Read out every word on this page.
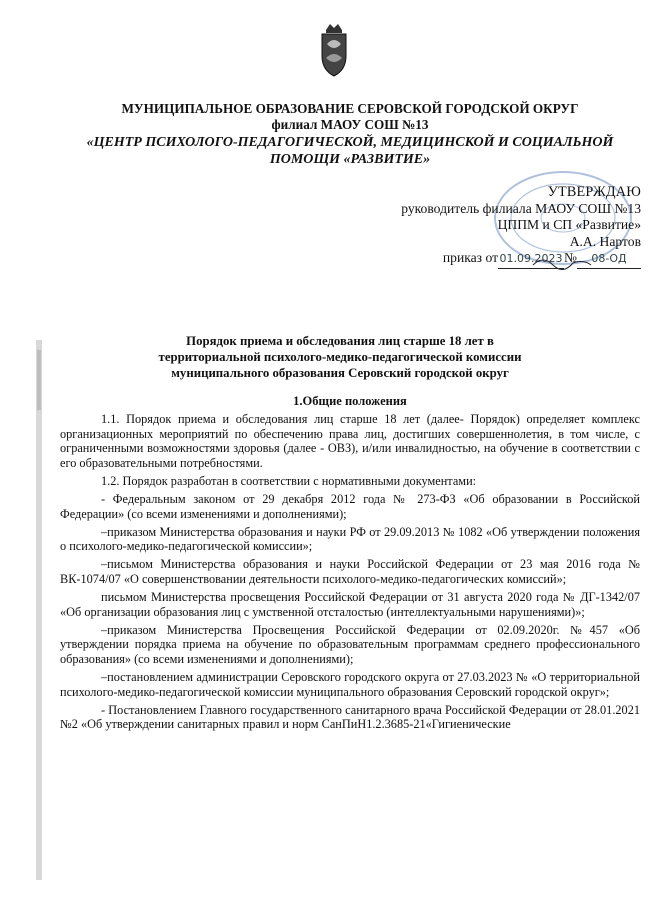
МУНИЦИПАЛЬНОЕ ОБРАЗОВАНИЕ СЕРОВСКОЙ ГОРОДСКОЙ ОКРУГ
филиал МАОУ СОШ №13
«ЦЕНТР ПСИХОЛОГО-ПЕДАГОГИЧЕСКОЙ, МЕДИЦИНСКОЙ И СОЦИАЛЬНОЙ
ПОМОЩИ «РАЗВИТИЕ»
УТВЕРЖДАЮ
руководитель филиала МАОУ СОШ №13
ЦППМ и СП «Развитие»
А.А. Нартов
приказ от 01.09.2023 № 08-ОД
Порядок приема и обследования лиц старше 18 лет в
территориальной психолого-медико-педагогической комиссии
муниципального образования Серовский городской округ
1.Общие положения

1.1. Порядок приема и обследования лиц старше 18 лет (далее- Порядок) определяет комплекс организационных мероприятий по обеспечению права лиц, достигших совершеннолетия, в том числе, с ограниченными возможностями здоровья (далее - ОВЗ), и/или инвалидностью, на обучение в соответствии с его образовательными потребностями.

1.2. Порядок разработан в соответствии с нормативными документами:

- Федеральным законом от 29 декабря 2012 года № 273-ФЗ «Об образовании в Российской Федерации» (со всеми изменениями и дополнениями);

–приказом Министерства образования и науки РФ от 29.09.2013 № 1082 «Об утверждении положения о психолого-медико-педагогической комиссии»;

–письмом Министерства образования и науки Российской Федерации от 23 мая 2016 года № ВК-1074/07 «О совершенствовании деятельности психолого-медико-педагогических комиссий»;

письмом Министерства просвещения Российской Федерации от 31 августа 2020 года № ДГ-1342/07 «Об организации образования лиц с умственной отсталостью (интеллектуальными нарушениями)»;

–приказом Министерства Просвещения Российской Федерации от 02.09.2020г. №457 «Об утверждении порядка приема на обучение по образовательным программам среднего профессионального образования» (со всеми изменениями и дополнениями);

–постановлением администрации Серовского городского округа от 27.03.2023 № «О территориальной психолого-медико-педагогической комиссии муниципального образования Серовский городской округ»;

- Постановлением Главного государственного санитарного врача Российской Федерации от 28.01.2021 №2 «Об утверждении санитарных правил и норм СанПиН1.2.3685-21«Гигиенические
